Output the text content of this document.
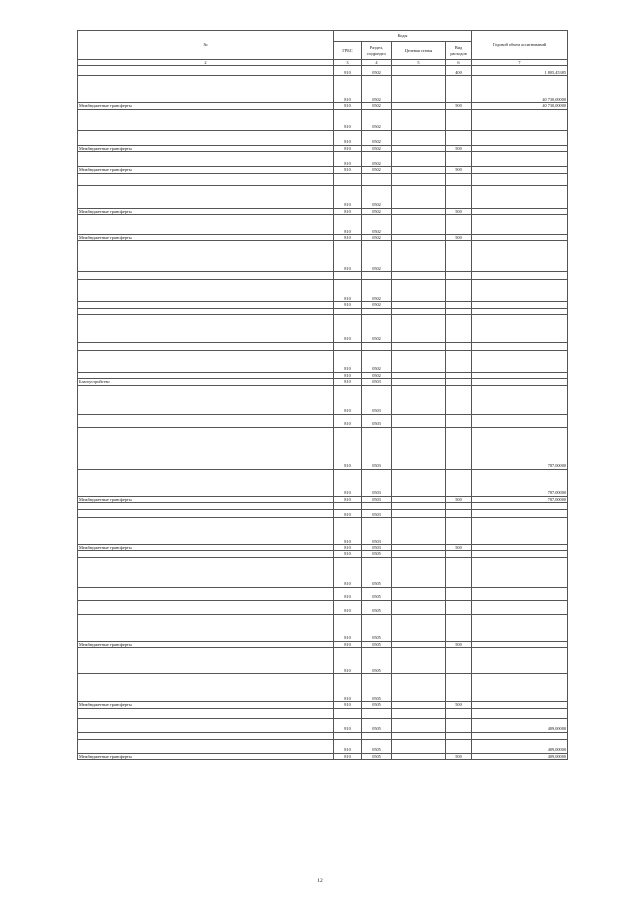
№	Коды				Годовой объем ассигнований
	ГРБС	Раздел, подраздел	Целевая статья	Вид расходов	
2	3	4	5	6	7
	810	0502		400	1 805,45385
	810	0502			40 730,00000
Межбюджетные трансферты	810	0502		500	40 730,00000
	810	0502			
	810	0502			
Межбюджетные трансферты	810	0502		500	
	810	0502			
Межбюджетные трансферты	810	0502		500	

	810	0502			
Межбюджетные трансферты	810	0502		500	
	810	0502			
Межбюджетные трансферты	810	0502		500	
	810	0502			

	810	0502			
	810	0502			

	810	0502			

	810	0502			
	810	0502			
Благоустройство	810	0503			
	810	0503			
	810	0503			
	810	0503			787,00000
	810	0503			787,00000
Межбюджетные трансферты	810	0503		500	787,00000

	810	0503			
	810	0503			
Межбюджетные трансферты	810	0503		500	
	810	0505			
	810	0505			
	810	0505			
	810	0505			
	810	0505			
Межбюджетные трансферты	810	0505		500	
	810	0505			
	810	0505			
Межбюджетные трансферты	810	0505		500	

	810	0505			409,00000

	810	0505			409,00000
Межбюджетные трансферты	810	0505		500	409,00000
12
